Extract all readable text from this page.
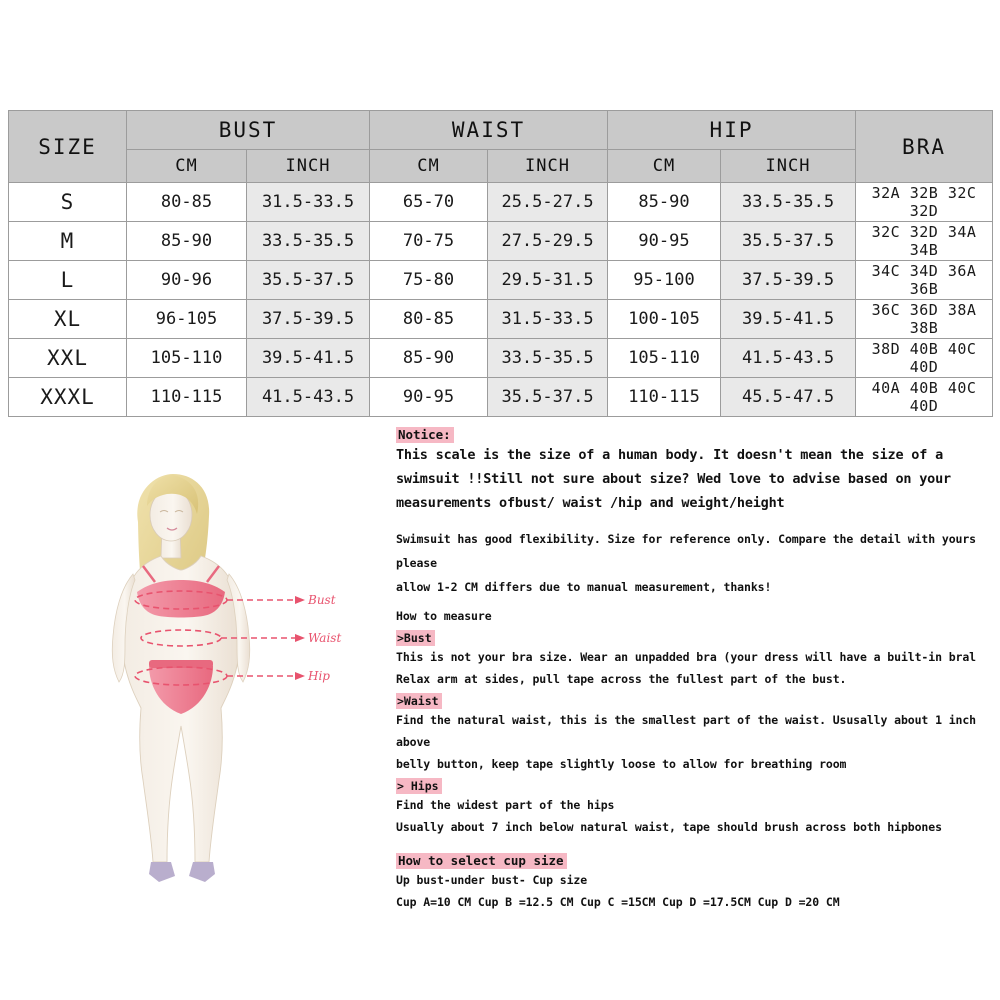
SIZE	BUST		WAIST		HIP		BRA
	CM	INCH	CM	INCH	CM	INCH	
S	80-85	31.5-33.5	65-70	25.5-27.5	85-90	33.5-35.5	32A 32B 32C 32D
M	85-90	33.5-35.5	70-75	27.5-29.5	90-95	35.5-37.5	32C 32D 34A 34B
L	90-96	35.5-37.5	75-80	29.5-31.5	95-100	37.5-39.5	34C 34D 36A 36B
XL	96-105	37.5-39.5	80-85	31.5-33.5	100-105	39.5-41.5	36C 36D 38A 38B
XXL	105-110	39.5-41.5	85-90	33.5-35.5	105-110	41.5-43.5	38D 40B 40C 40D
XXXL	110-115	41.5-43.5	90-95	35.5-37.5	110-115	45.5-47.5	40A 40B 40C 40D
Bust
Waist
Hip
Notice:
This scale is the size of a human body. It doesn't mean the size of a
swimsuit !!Still not sure about size? Wed love to advise based on your
measurements ofbust/ waist /hip and weight/height
Swimsuit has good flexibility. Size for reference only. Compare the detail with yours please
allow 1-2 CM differs due to manual measurement, thanks!
How to measure
>Bust
This is not your bra size. Wear an unpadded bra (your dress will have a built-in bral
Relax arm at sides, pull tape across the fullest part of the bust.
>Waist
Find the natural waist, this is the smallest part of the waist. Ususally about 1 inch above
belly button, keep tape slightly loose to allow for breathing room
> Hips
Find the widest part of the hips
Usually about 7 inch below natural waist, tape should brush across both hipbones
How to select cup size
Up bust-under bust- Cup size
Cup A=10 CM Cup B =12.5 CM Cup C =15CM Cup D =17.5CM Cup D =20 CM
